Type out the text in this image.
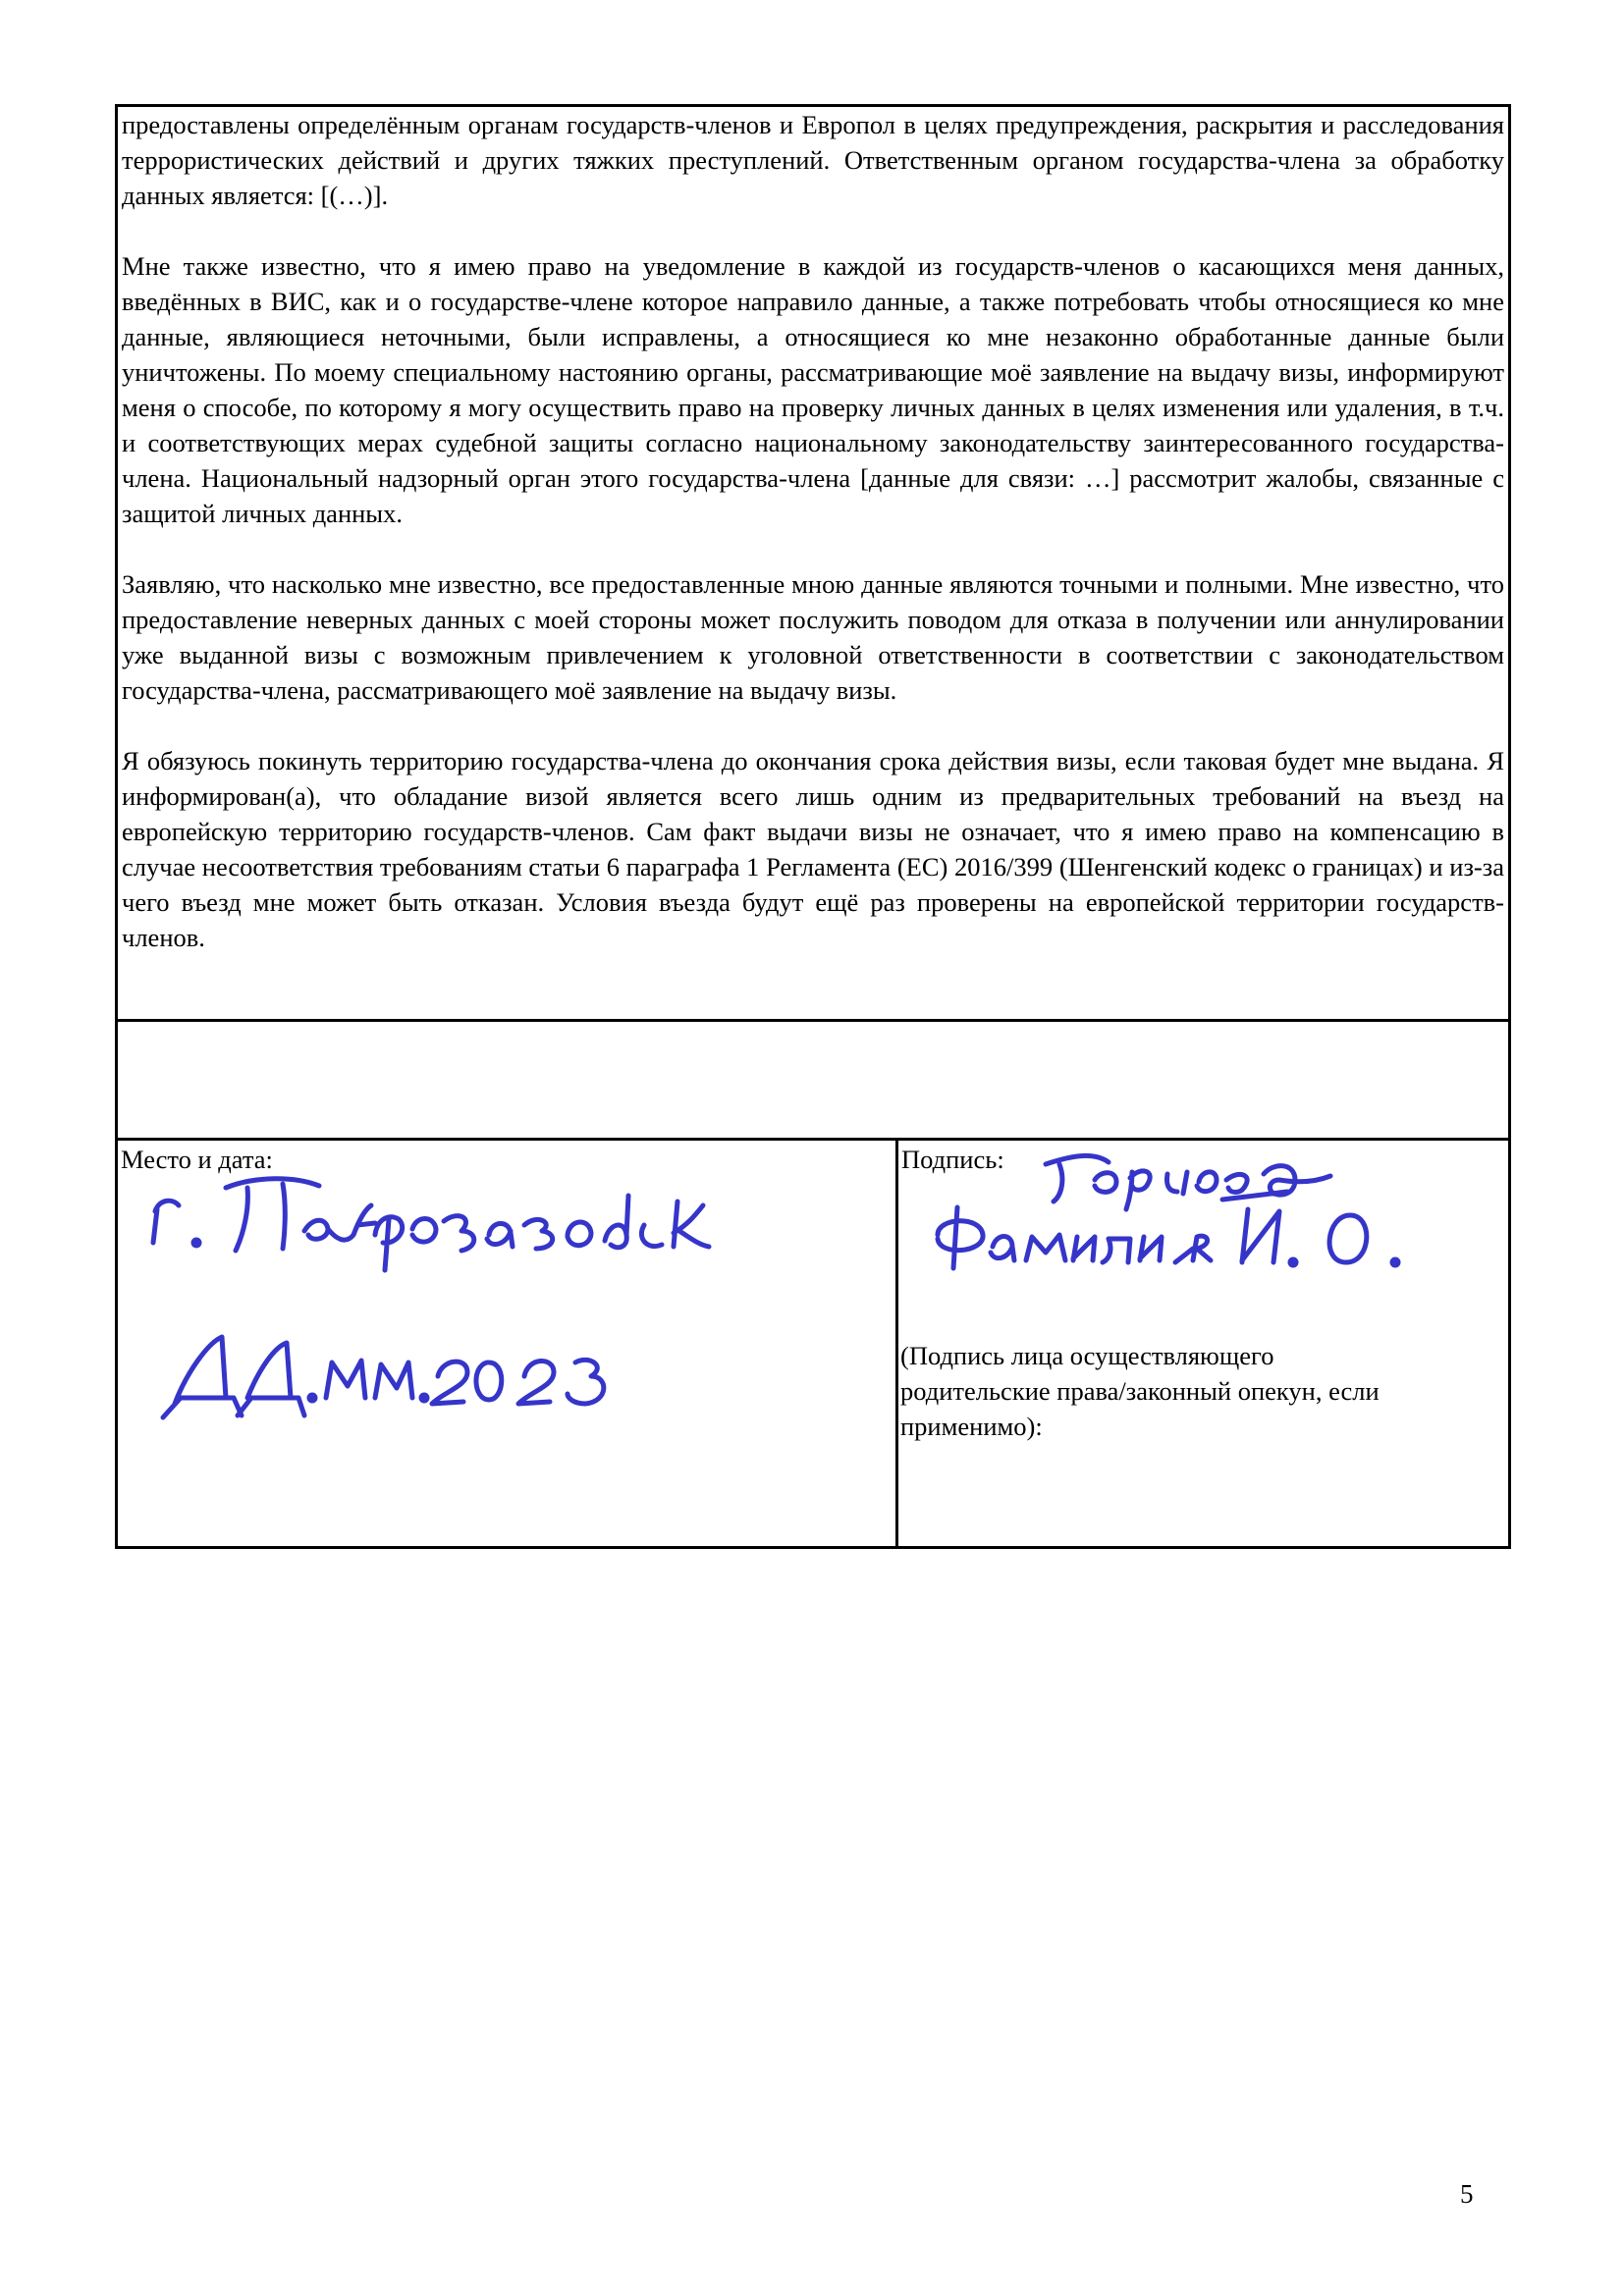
предоставлены определённым органам государств-членов и Европол в целях предупреждения, раскрытия и расследования террористических действий и других тяжких преступлений. Ответственным органом государства-члена за обработку данных является: [(…)].

Мне также известно, что я имею право на уведомление в каждой из государств-членов о касающихся меня данных, введённых в ВИС, как и о государстве-члене которое направило данные, а также потребовать чтобы относящиеся ко мне данные, являющиеся неточными, были исправлены, а относящиеся ко мне незаконно обработанные данные были уничтожены. По моему специальному настоянию органы, рассматривающие моё заявление на выдачу визы, информируют меня о способе, по которому я могу осуществить право на проверку личных данных в целях изменения или удаления, в т.ч. и соответствующих мерах судебной защиты согласно национальному законодательству заинтересованного государства-члена. Национальный надзорный орган этого государства-члена [данные для связи: …] рассмотрит жалобы, связанные с защитой личных данных.

Заявляю, что насколько мне известно, все предоставленные мною данные являются точными и полными. Мне известно, что предоставление неверных данных с моей стороны может послужить поводом для отказа в получении или аннулировании уже выданной визы с возможным привлечением к уголовной ответственности в соответствии с законодательством государства-члена, рассматривающего моё заявление на выдачу визы.

Я обязуюсь покинуть территорию государства-члена до окончания срока действия визы, если таковая будет мне выдана. Я информирован(а), что обладание визой является всего лишь одним из предварительных требований на въезд на европейскую территорию государств-членов. Сам факт выдачи визы не означает, что я имею право на компенсацию в случае несоответствия требованиям статьи 6 параграфа 1 Регламента (ЕС) 2016/399 (Шенгенский кодекс о границах) и из-за чего въезд мне может быть отказан. Условия въезда будут ещё раз проверены на европейской территории государств-членов.

Место и дата:	Подпись:
(Подпись лица осуществляющего родительские права/законный опекун, если применимо):
5
